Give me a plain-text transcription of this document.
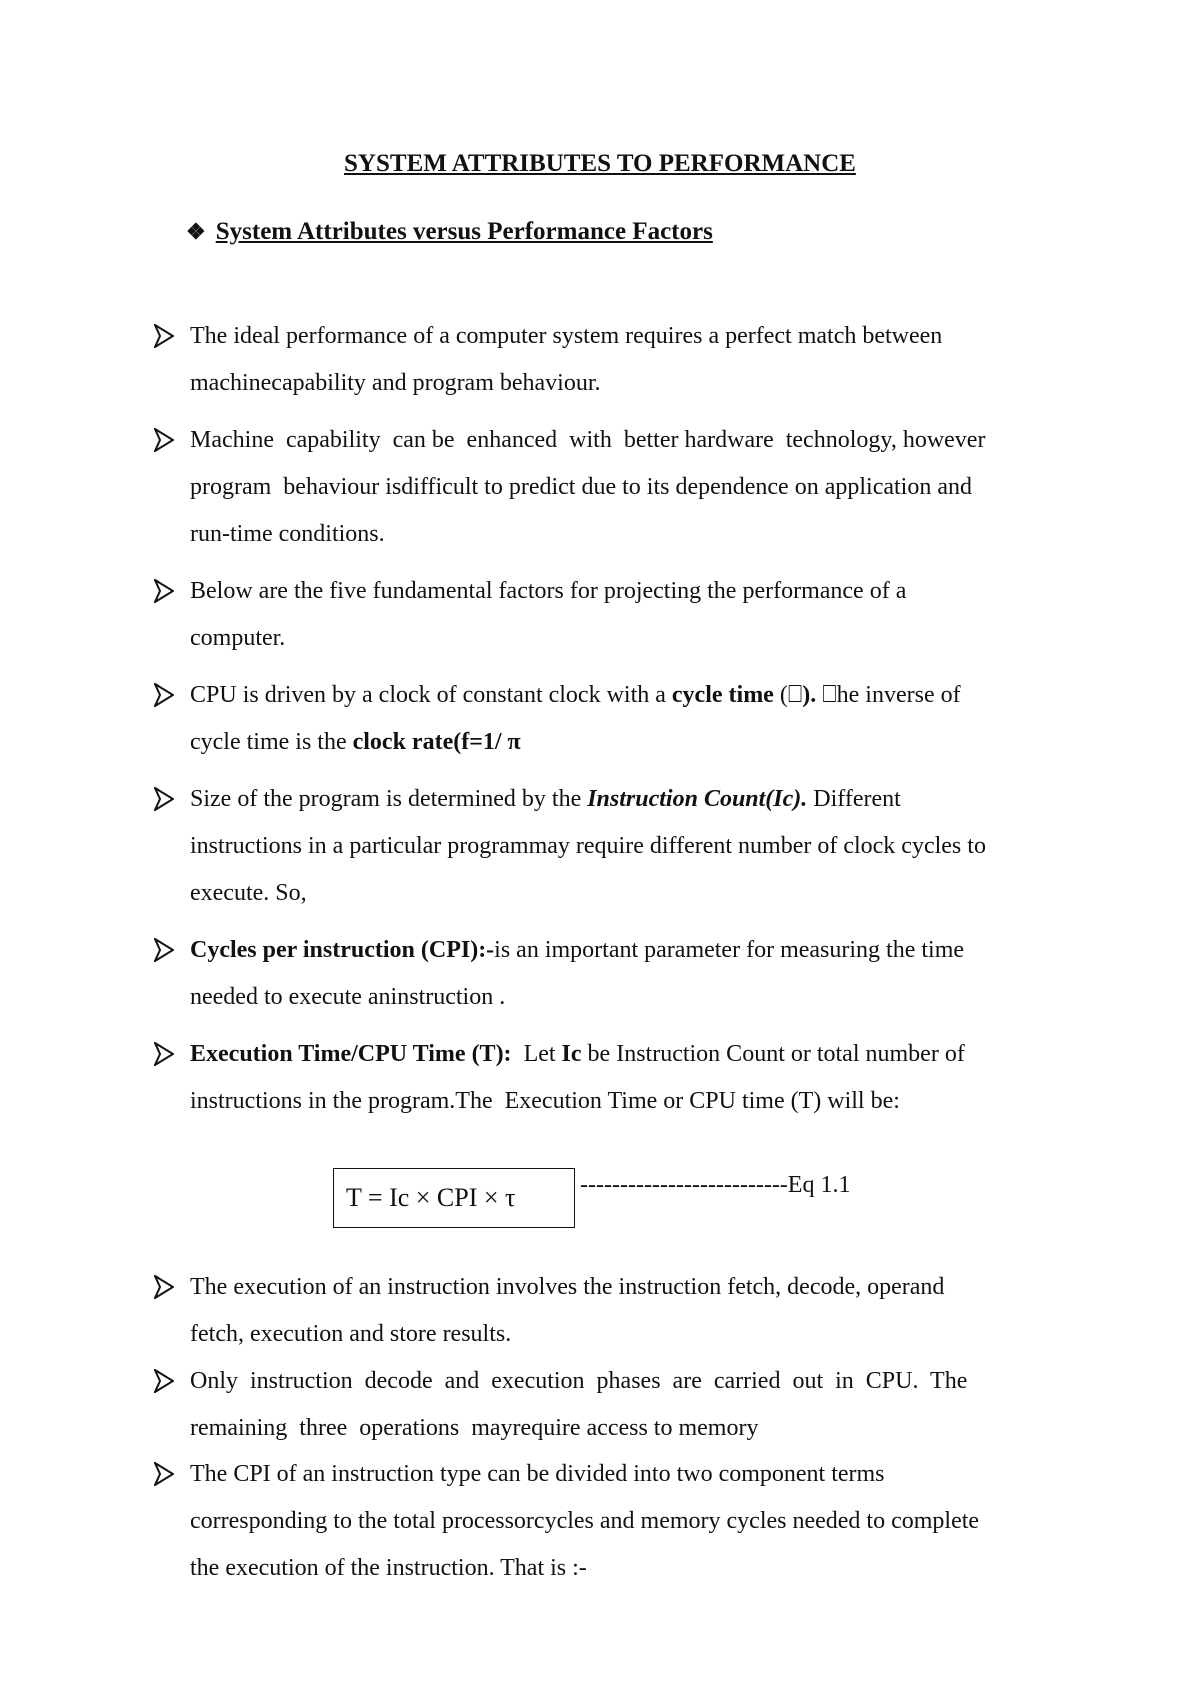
SYSTEM ATTRIBUTES TO PERFORMANCE
❖ System Attributes versus Performance Factors
The ideal performance of a computer system requires a perfect match between
machinecapability and program behaviour.
Machine  capability  can be  enhanced  with  better hardware  technology, however
program  behaviour isdifficult to predict due to its dependence on application and
run-time conditions.
Below are the five fundamental factors for projecting the performance of a
computer.
CPU is driven by a clock of constant clock with a cycle time (⎕). ⎕he inverse of
cycle time is the clock rate(f=1/ π
Size of the program is determined by the Instruction Count(Ic). Different
instructions in a particular programmay require different number of clock cycles to
execute. So,
Cycles per instruction (CPI):-is an important parameter for measuring the time
needed to execute aninstruction .
Execution Time/CPU Time (T):  Let Ic be Instruction Count or total number of
instructions in the program.The  Execution Time or CPU time (T) will be:
The execution of an instruction involves the instruction fetch, decode, operand
fetch, execution and store results.
Only  instruction  decode  and  execution  phases  are  carried  out  in  CPU.  The
remaining  three  operations  mayrequire access to memory
The CPI of an instruction type can be divided into two component terms
corresponding to the total processorcycles and memory cycles needed to complete
the execution of the instruction. That is :-
T = Ic × CPI × τ	--------------------------Eq 1.1
